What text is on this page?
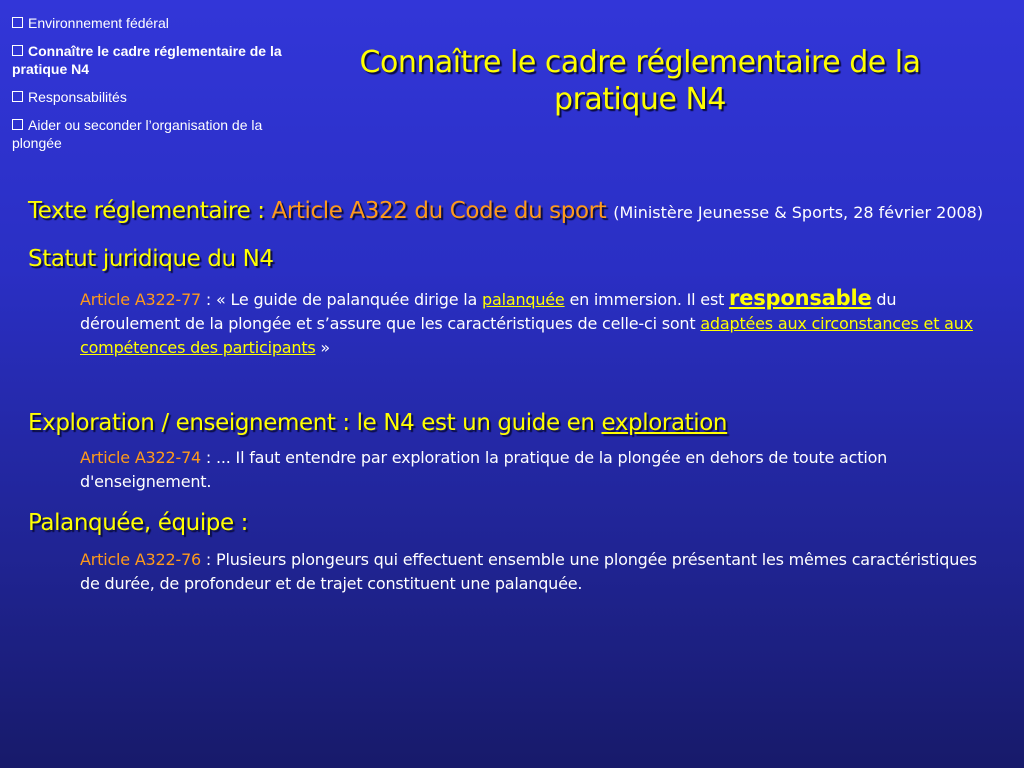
Environnement fédéral
Connaître le cadre réglementaire de la pratique N4
Responsabilités
Aider ou seconder l’organisation de la plongée
Connaître le cadre réglementaire de la pratique N4
Texte réglementaire : Article A322 du Code du sport (Ministère Jeunesse & Sports, 28 février 2008)
Statut juridique du N4
Article A322-77 : « Le guide de palanquée dirige la palanquée en immersion. Il est responsable du déroulement de la plongée et s’assure que les caractéristiques de celle-ci sont adaptées aux circonstances et aux compétences des participants »
Exploration / enseignement : le N4 est un guide en exploration
Article A322-74 : ... Il faut entendre par exploration la pratique de la plongée en dehors de toute action d'enseignement.
Palanquée, équipe :
Article A322-76 : Plusieurs plongeurs qui effectuent ensemble une plongée présentant les mêmes caractéristiques de durée, de profondeur et de trajet constituent une palanquée.
